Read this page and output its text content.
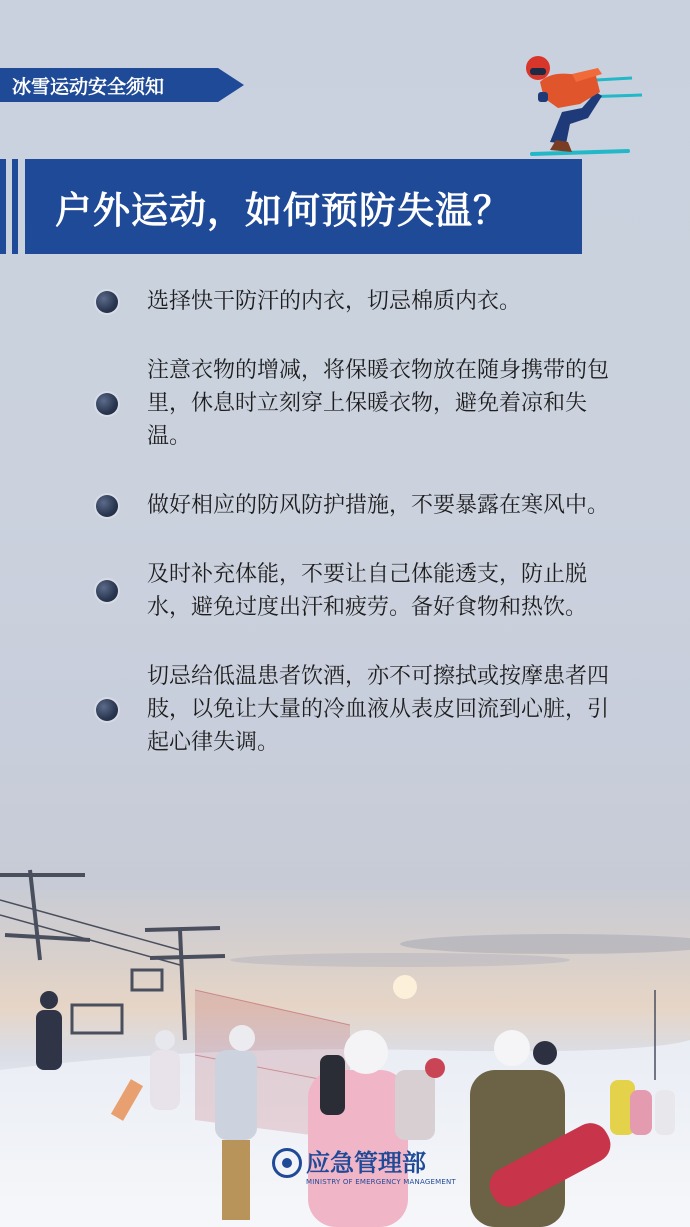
冰雪运动安全须知
户外运动，如何预防失温？
选择快干防汗的内衣，切忌棉质内衣。
注意衣物的增减，将保暖衣物放在随身携带的包里，休息时立刻穿上保暖衣物，避免着凉和失温。
做好相应的防风防护措施，不要暴露在寒风中。
及时补充体能，不要让自己体能透支，防止脱水，避免过度出汗和疲劳。备好食物和热饮。
切忌给低温患者饮酒，亦不可擦拭或按摩患者四肢，以免让大量的冷血液从表皮回流到心脏，引起心律失调。
应急管理部
MINISTRY OF EMERGENCY MANAGEMENT
